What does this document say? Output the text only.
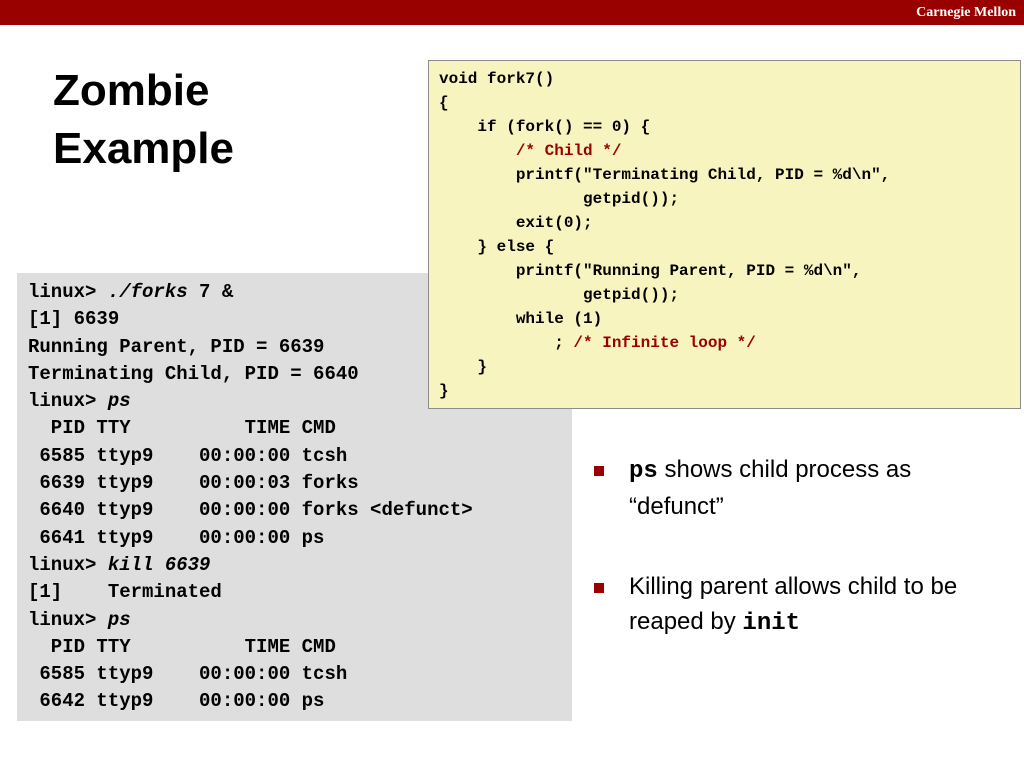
Carnegie Mellon
Zombie
Example
linux> ./forks 7 &
[1] 6639
Running Parent, PID = 6639
Terminating Child, PID = 6640
linux> ps
PID TTY          TIME CMD
6585 ttyp9    00:00:00 tcsh
6639 ttyp9    00:00:03 forks
6640 ttyp9    00:00:00 forks <defunct>
6641 ttyp9    00:00:00 ps
linux> kill 6639
[1]    Terminated
linux> ps
PID TTY          TIME CMD
6585 ttyp9    00:00:00 tcsh
6642 ttyp9    00:00:00 ps
void fork7()
{
if (fork() == 0) {
/* Child */
printf("Terminating Child, PID = %d\n",
getpid());
exit(0);
} else {
printf("Running Parent, PID = %d\n",
getpid());
while (1)
; /* Infinite loop */
}
}
ps shows child process as “defunct”
Killing parent allows child to be reaped by init
